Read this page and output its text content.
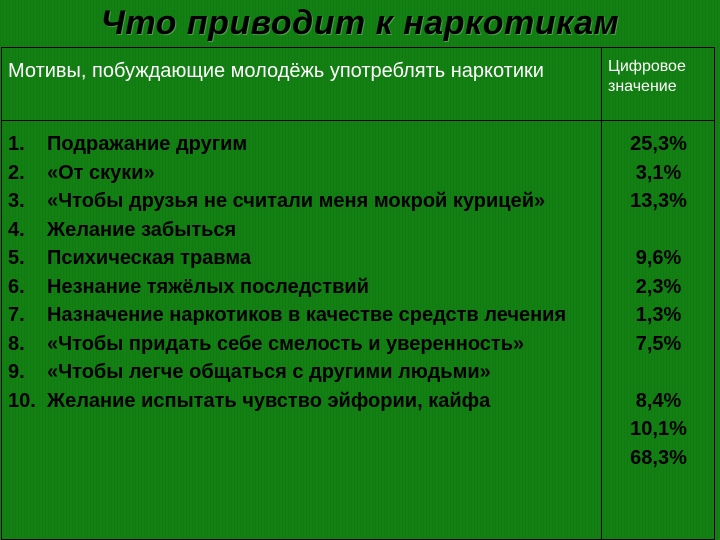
Что приводит к наркотикам
Мотивы, побуждающие молодёжь употреблять наркотики	Цифровое значение
1. Подражание другим
2. «От скуки»
3. «Чтобы друзья не считали меня мокрой курицей»
4. Желание забыться
5. Психическая травма
6. Незнание тяжёлых последствий
7. Назначение наркотиков в качестве средств лечения
8. «Чтобы придать себе смелость и уверенность»
9. «Чтобы легче общаться с другими людьми»
10. Желание испытать чувство эйфории, кайфа
25,3%
3,1%
13,3%
9,6%
2,3%
1,3%
7,5%
8,4%
10,1%
68,3%
